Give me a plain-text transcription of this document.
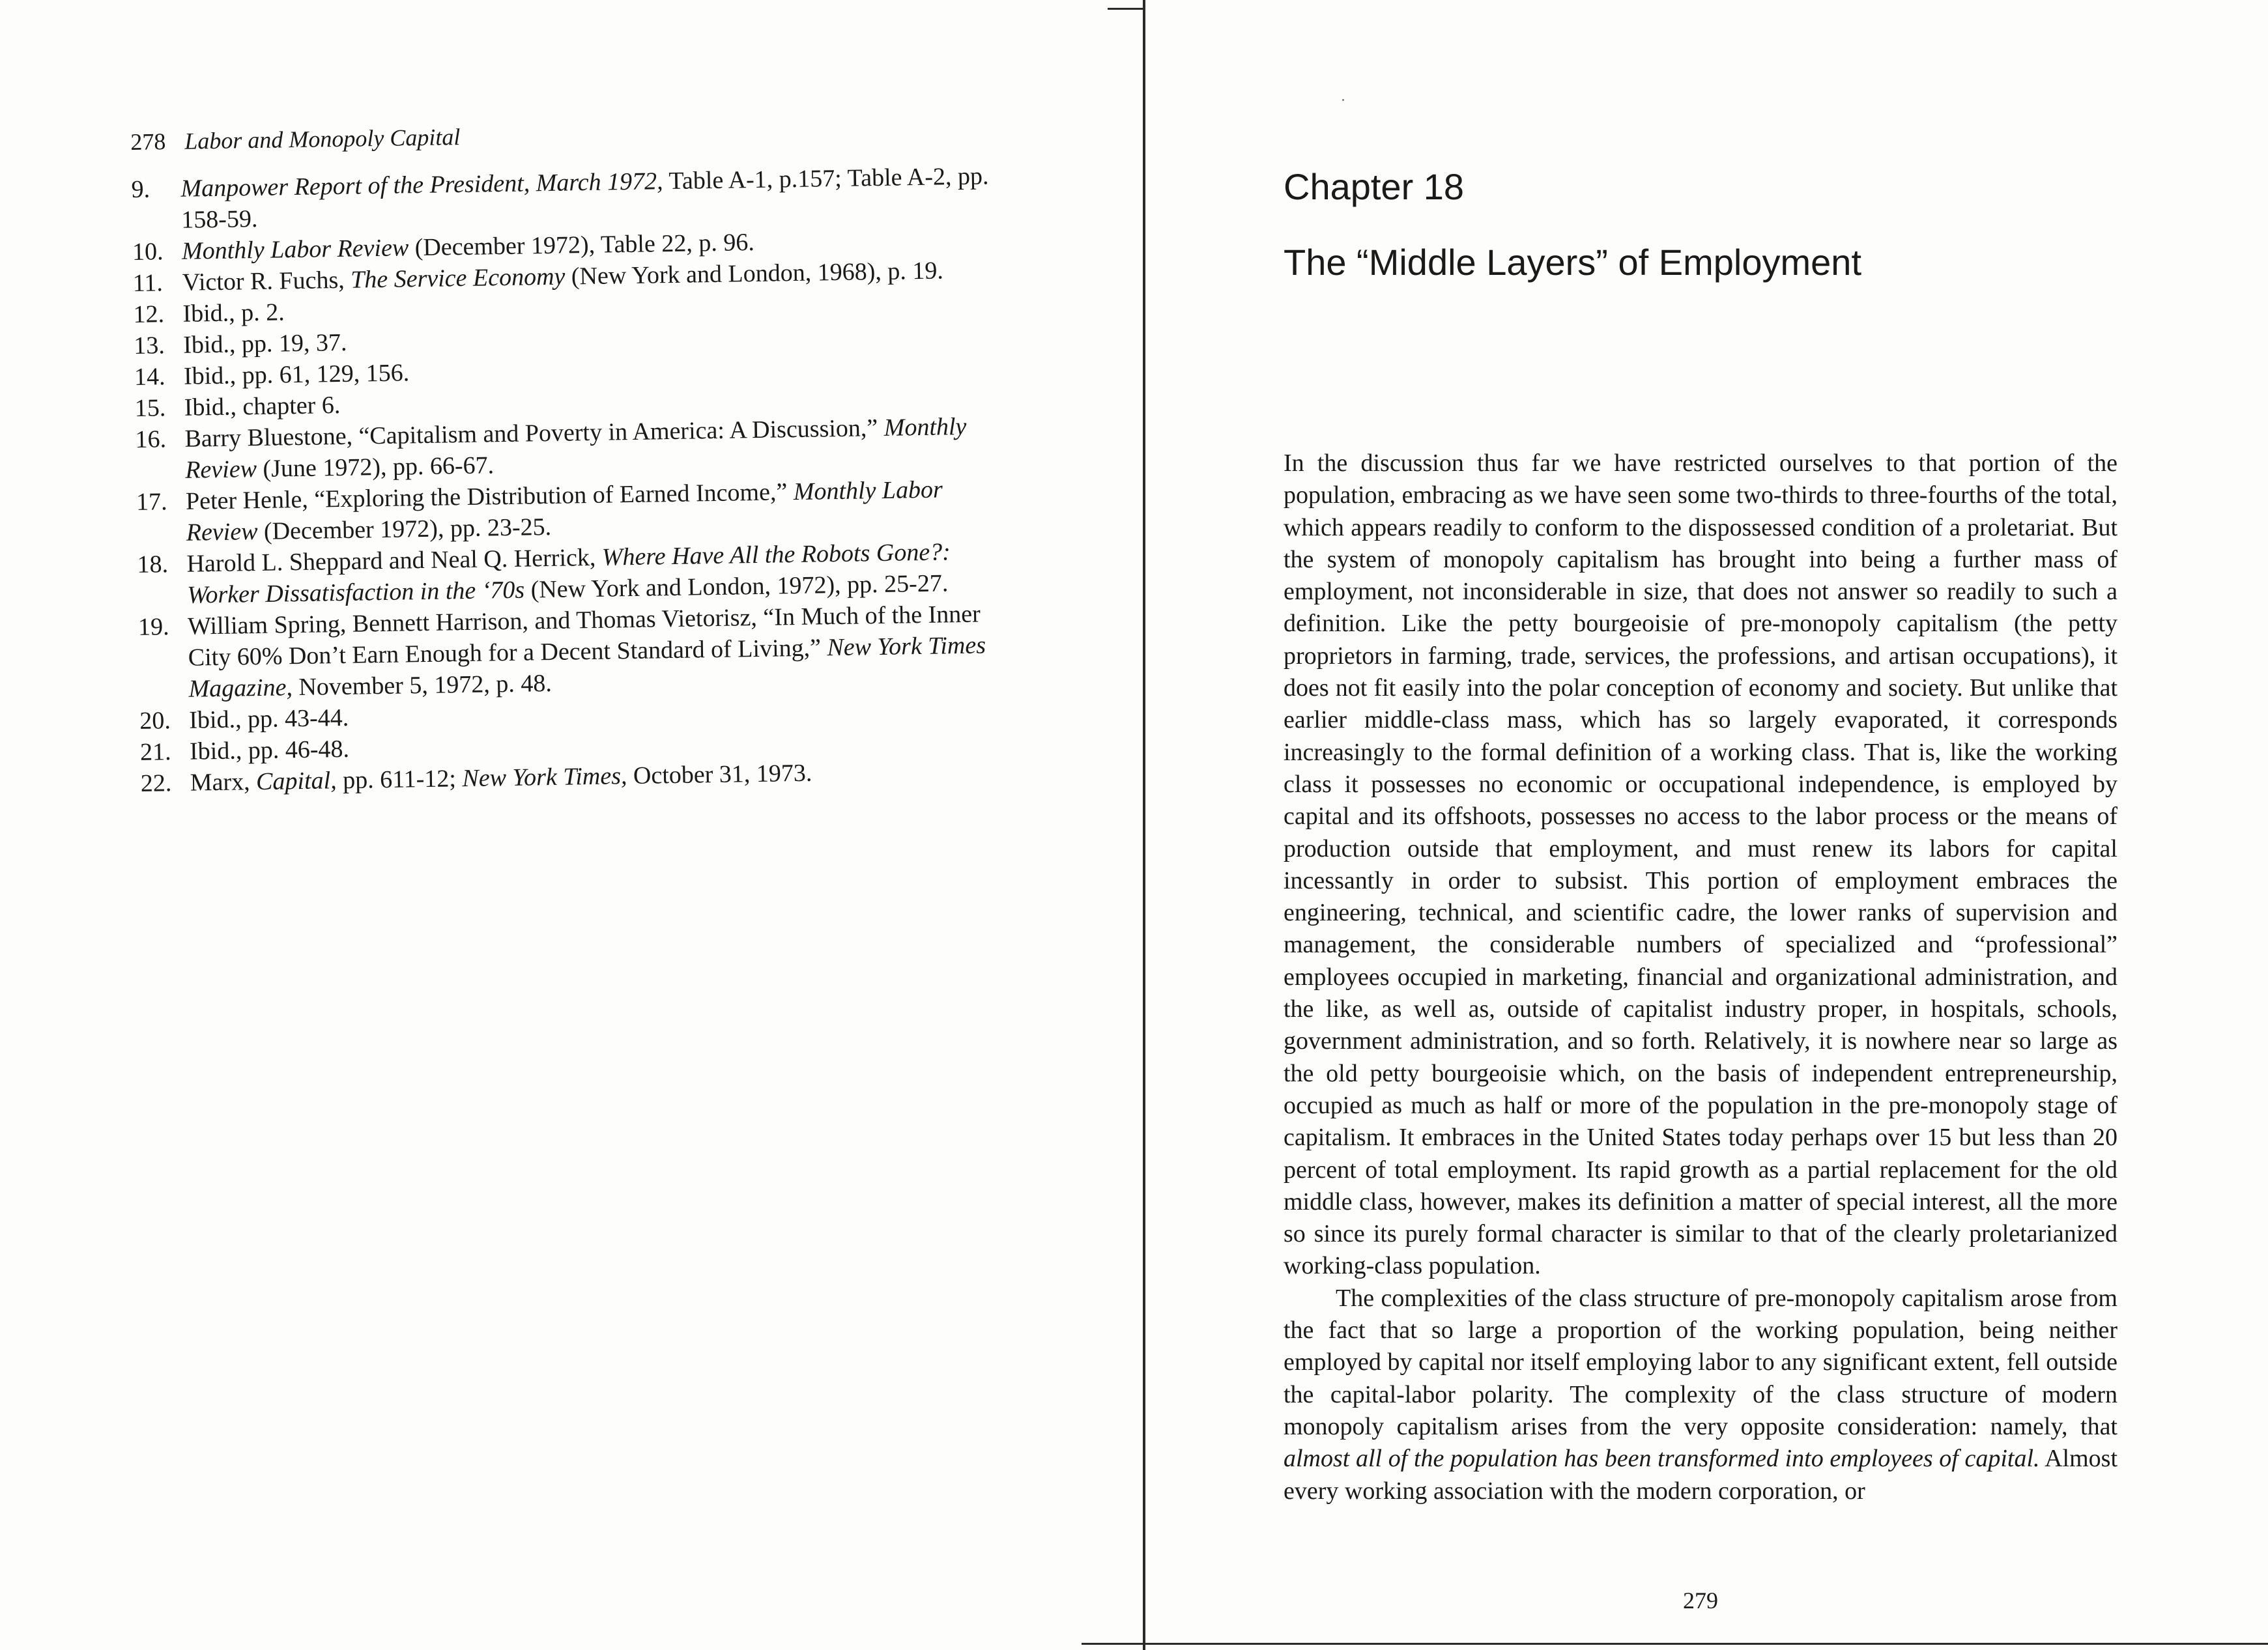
278 Labor and Monopoly Capital
9.	Manpower Report of the President, March 1972, Table A-1, p.157; Table A-2, pp. 158-59.
10. Monthly Labor Review (December 1972), Table 22, p. 96.
11. Victor R. Fuchs, The Service Economy (New York and London, 1968), p. 19.
12. Ibid., p. 2.
13. Ibid., pp. 19, 37.
14. Ibid., pp. 61, 129, 156.
15. Ibid., chapter 6.
16. Barry Bluestone, “Capitalism and Poverty in America: A Discussion,” Monthly Review (June 1972), pp. 66-67.
17. Peter Henle, “Exploring the Distribution of Earned Income,” Monthly Labor Review (December 1972), pp. 23-25.
18. Harold L. Sheppard and Neal Q. Herrick, Where Have All the Robots Gone?: Worker Dissatisfaction in the ‘70s (New York and London, 1972), pp. 25-27.
19. William Spring, Bennett Harrison, and Thomas Vietorisz, “In Much of the Inner City 60% Don’t Earn Enough for a Decent Standard of Living,” New York Times Magazine, November 5, 1972, p. 48.
20. Ibid., pp. 43-44.
21. Ibid., pp. 46-48.
22. Marx, Capital, pp. 611-12; New York Times, October 31, 1973.
Chapter 18
The “Middle Layers” of Employment

In the discussion thus far we have restricted ourselves to that portion of the population, embracing as we have seen some two-thirds to three-fourths of the total, which appears readily to conform to the dispossessed condition of a proletariat. But the system of monopoly capitalism has brought into being a further mass of employment, not inconsiderable in size, that does not answer so readily to such a definition. Like the petty bourgeoisie of pre-monopoly capitalism (the petty proprietors in farming, trade, services, the professions, and artisan occupations), it does not fit easily into the polar conception of economy and society. But unlike that earlier middle-class mass, which has so largely evaporated, it corresponds increasingly to the formal definition of a working class. That is, like the working class it possesses no economic or occupational independence, is employed by capital and its offshoots, possesses no access to the labor process or the means of production outside that employment, and must renew its labors for capital incessantly in order to subsist. This portion of employment embraces the engineering, technical, and scientific cadre, the lower ranks of supervision and management, the considerable numbers of specialized and “professional” employees occupied in marketing, financial and organizational administration, and the like, as well as, outside of capitalist industry proper, in hospitals, schools, government administration, and so forth. Relatively, it is nowhere near so large as the old petty bourgeoisie which, on the basis of independent entrepreneurship, occupied as much as half or more of the population in the pre-monopoly stage of capitalism. It embraces in the United States today perhaps over 15 but less than 20 percent of total employment. Its rapid growth as a partial replacement for the old middle class, however, makes its definition a matter of special interest, all the more so since its purely formal character is similar to that of the clearly proletarianized working-class population.

The complexities of the class structure of pre-monopoly capitalism arose from the fact that so large a proportion of the working population, being neither employed by capital nor itself employing labor to any significant extent, fell outside the capital-labor polarity. The complexity of the class structure of modern monopoly capitalism arises from the very opposite consideration: namely, that almost all of the population has been transformed into employees of capital. Almost every working association with the modern corporation, or

279
